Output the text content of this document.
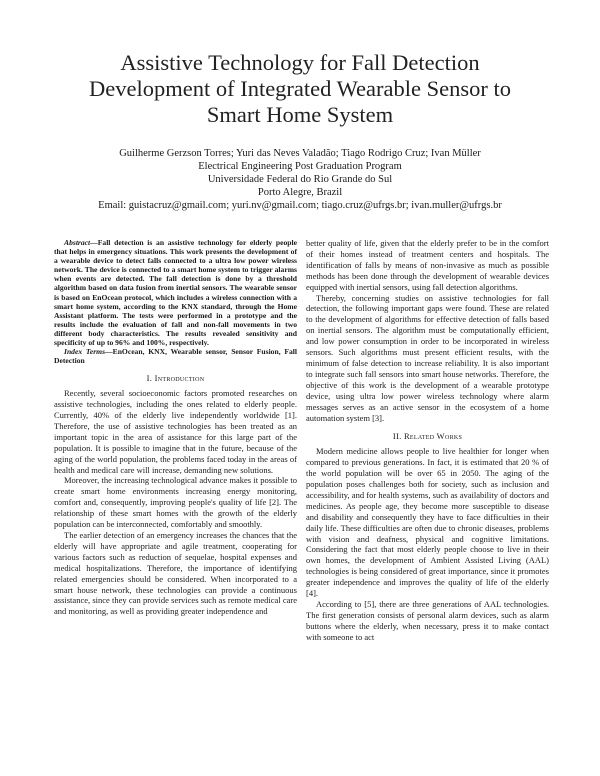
Assistive Technology for Fall Detection
Development of Integrated Wearable Sensor to
Smart Home System
Guilherme Gerzson Torres; Yuri das Neves Valadão; Tiago Rodrigo Cruz; Ivan Müller
Electrical Engineering Post Graduation Program
Universidade Federal do Rio Grande do Sul
Porto Alegre, Brazil
Email: guistacruz@gmail.com; yuri.nv@gmail.com; tiago.cruz@ufrgs.br; ivan.muller@ufrgs.br

Abstract—Fall detection is an assistive technology for elderly people that helps in emergency situations. This work presents the development of a wearable device to detect falls connected to a ultra low power wireless network. The device is connected to a smart home system to trigger alarms when events are detected. The fall detection is done by a threshold algorithm based on data fusion from inertial sensors. The wearable sensor is based on EnOcean protocol, which includes a wireless connection with a smart home system, according to the KNX standard, through the Home Assistant platform. The tests were performed in a prototype and the results include the evaluation of fall and non-fall movements in two different body characteristics. The results revealed sensitivity and specificity of up to 96% and 100%, respectively.

Index Terms—EnOcean, KNX, Wearable sensor, Sensor Fusion, Fall Detection

I. Introduction

Recently, several socioeconomic factors promoted researches on assistive technologies, including the ones related to elderly people. Currently, 40% of the elderly live independently worldwide [1]. Therefore, the use of assistive technologies has been treated as an important topic in the area of assistance for this large part of the population. It is possible to imagine that in the future, because of the aging of the world population, the problems faced today in the areas of health and medical care will increase, demanding new solutions.

Moreover, the increasing technological advance makes it possible to create smart home environments increasing energy monitoring, comfort and, consequently, improving people's quality of life [2]. The relationship of these smart homes with the growth of the elderly population can be interconnected, comfortably and smoothly.

The earlier detection of an emergency increases the chances that the elderly will have appropriate and agile treatment, cooperating for various factors such as reduction of sequelae, hospital expenses and medical hospitalizations. Therefore, the importance of identifying related emergencies should be considered. When incorporated to a smart house network, these technologies can provide a continuous assistance, since they can provide services such as remote medical care and monitoring, as well as providing greater independence and

better quality of life, given that the elderly prefer to be in the comfort of their homes instead of treatment centers and hospitals. The identification of falls by means of non-invasive as much as possible methods has been done through the development of wearable devices equipped with inertial sensors, using fall detection algorithms.

Thereby, concerning studies on assistive technologies for fall detection, the following important gaps were found. These are related to the development of algorithms for effective detection of falls based on inertial sensors. The algorithm must be computationally efficient, and low power consumption in order to be incorporated in wireless sensors. Such algorithms must present efficient results, with the minimum of false detection to increase reliability. It is also important to integrate such fall sensors into smart house networks. Therefore, the objective of this work is the development of a wearable prototype device, using ultra low power wireless technology where alarm messages serves as an active sensor in the ecosystem of a home automation system [3].

II. Related Works

Modern medicine allows people to live healthier for longer when compared to previous generations. In fact, it is estimated that 20 % of the world population will be over 65 in 2050. The aging of the population poses challenges both for society, such as inclusion and accessibility, and for health systems, such as availability of doctors and medicines. As people age, they become more susceptible to disease and disability and consequently they have to face difficulties in their daily life. These difficulties are often due to chronic diseases, problems with vision and deafness, physical and cognitive limitations. Considering the fact that most elderly people choose to live in their own homes, the development of Ambient Assisted Living (AAL) technologies is being considered of great importance, since it promotes greater independence and improves the quality of life of the elderly [4].

According to [5], there are three generations of AAL technologies. The first generation consists of personal alarm devices, such as alarm buttons where the elderly, when necessary, press it to make contact with someone to act
